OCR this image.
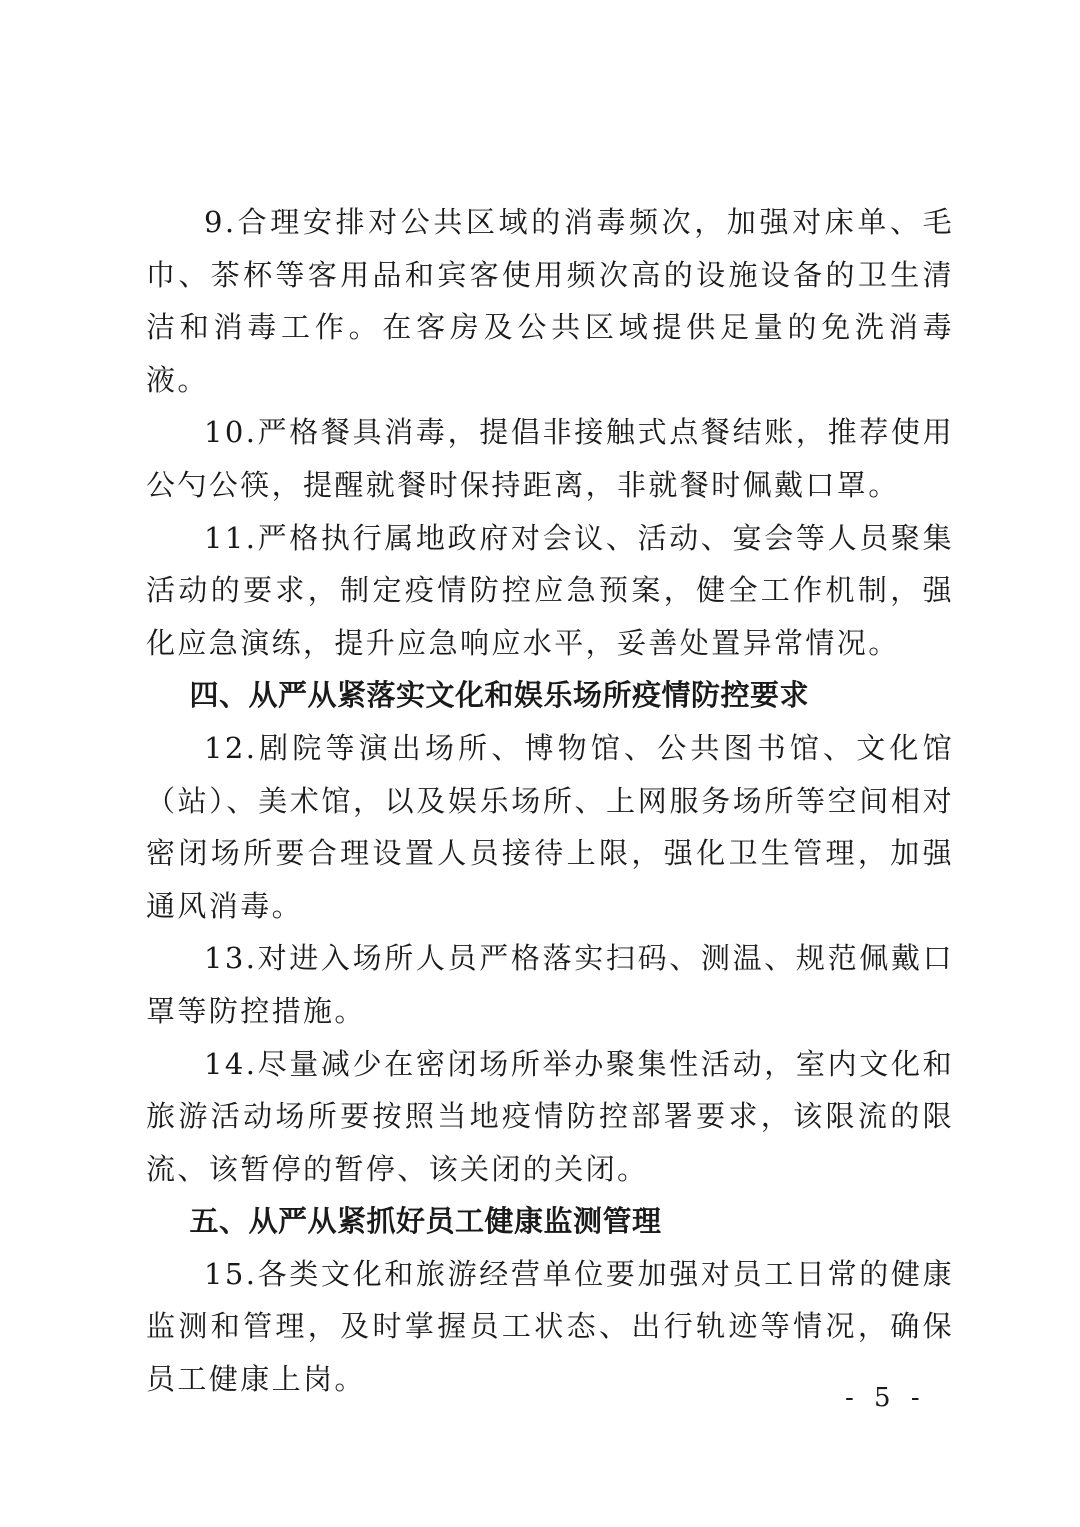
9.合理安排对公共区域的消毒频次，加强对床单、毛巾、茶杯等客用品和宾客使用频次高的设施设备的卫生清洁和消毒工作。在客房及公共区域提供足量的免洗消毒液。

10.严格餐具消毒，提倡非接触式点餐结账，推荐使用公勺公筷，提醒就餐时保持距离，非就餐时佩戴口罩。

11.严格执行属地政府对会议、活动、宴会等人员聚集活动的要求，制定疫情防控应急预案，健全工作机制，强化应急演练，提升应急响应水平，妥善处置异常情况。

四、从严从紧落实文化和娱乐场所疫情防控要求

12.剧院等演出场所、博物馆、公共图书馆、文化馆（站）、美术馆，以及娱乐场所、上网服务场所等空间相对密闭场所要合理设置人员接待上限，强化卫生管理，加强通风消毒。

13.对进入场所人员严格落实扫码、测温、规范佩戴口罩等防控措施。

14.尽量减少在密闭场所举办聚集性活动，室内文化和旅游活动场所要按照当地疫情防控部署要求，该限流的限流、该暂停的暂停、该关闭的关闭。

五、从严从紧抓好员工健康监测管理

15.各类文化和旅游经营单位要加强对员工日常的健康监测和管理，及时掌握员工状态、出行轨迹等情况，确保员工健康上岗。

- 5 -
